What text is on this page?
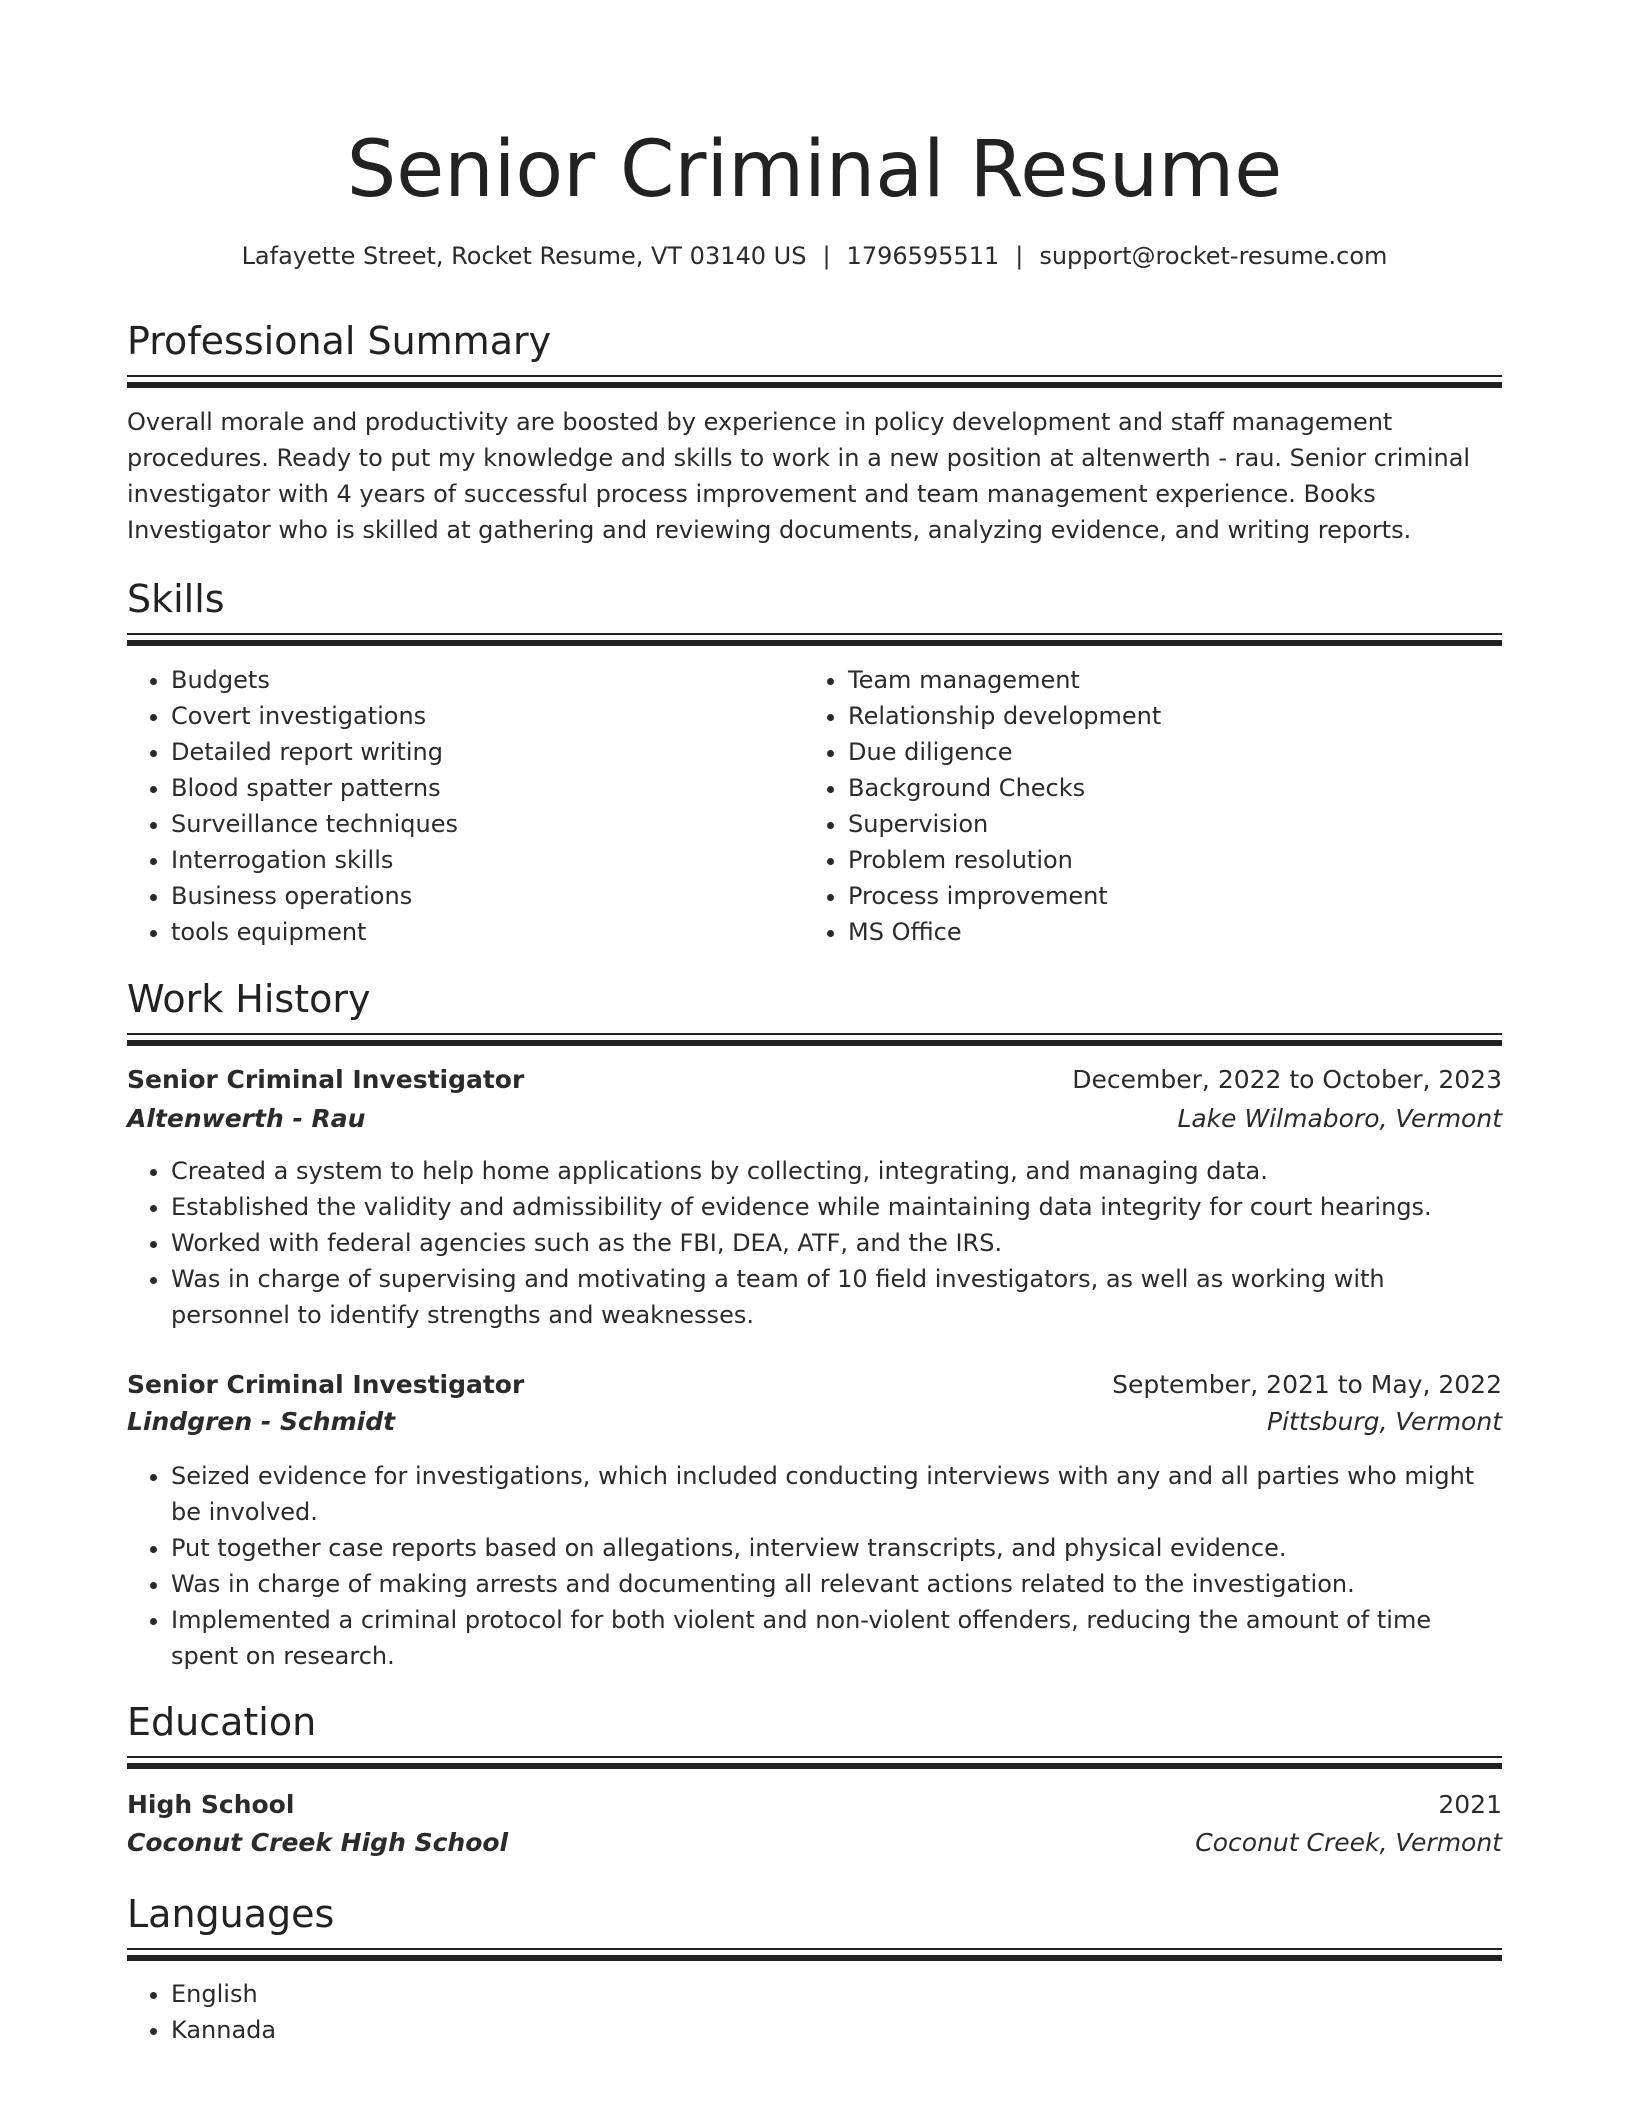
Senior Criminal Resume
Lafayette Street, Rocket Resume, VT 03140 US | 1796595511 | support@rocket-resume.com
Professional Summary

Overall morale and productivity are boosted by experience in policy development and staff management procedures. Ready to put my knowledge and skills to work in a new position at altenwerth - rau. Senior criminal investigator with 4 years of successful process improvement and team management experience. Books Investigator who is skilled at gathering and reviewing documents, analyzing evidence, and writing reports.

Skills
• Budgets
• Covert investigations
• Detailed report writing
• Blood spatter patterns
• Surveillance techniques
• Interrogation skills
• Business operations
• tools equipment
• Team management
• Relationship development
• Due diligence
• Background Checks
• Supervision
• Problem resolution
• Process improvement
• MS Office
Work History
Senior Criminal Investigator	December, 2022 to October, 2023
Altenwerth - Rau	Lake Wilmaboro, Vermont
• Created a system to help home applications by collecting, integrating, and managing data.
• Established the validity and admissibility of evidence while maintaining data integrity for court hearings.
• Worked with federal agencies such as the FBI, DEA, ATF, and the IRS.
• Was in charge of supervising and motivating a team of 10 field investigators, as well as working with personnel to identify strengths and weaknesses.
Senior Criminal Investigator	September, 2021 to May, 2022
Lindgren - Schmidt	Pittsburg, Vermont
• Seized evidence for investigations, which included conducting interviews with any and all parties who might be involved.
• Put together case reports based on allegations, interview transcripts, and physical evidence.
• Was in charge of making arrests and documenting all relevant actions related to the investigation.
• Implemented a criminal protocol for both violent and non-violent offenders, reducing the amount of time spent on research.
Education
High School	2021
Coconut Creek High School	Coconut Creek, Vermont
Languages
• English
• Kannada
